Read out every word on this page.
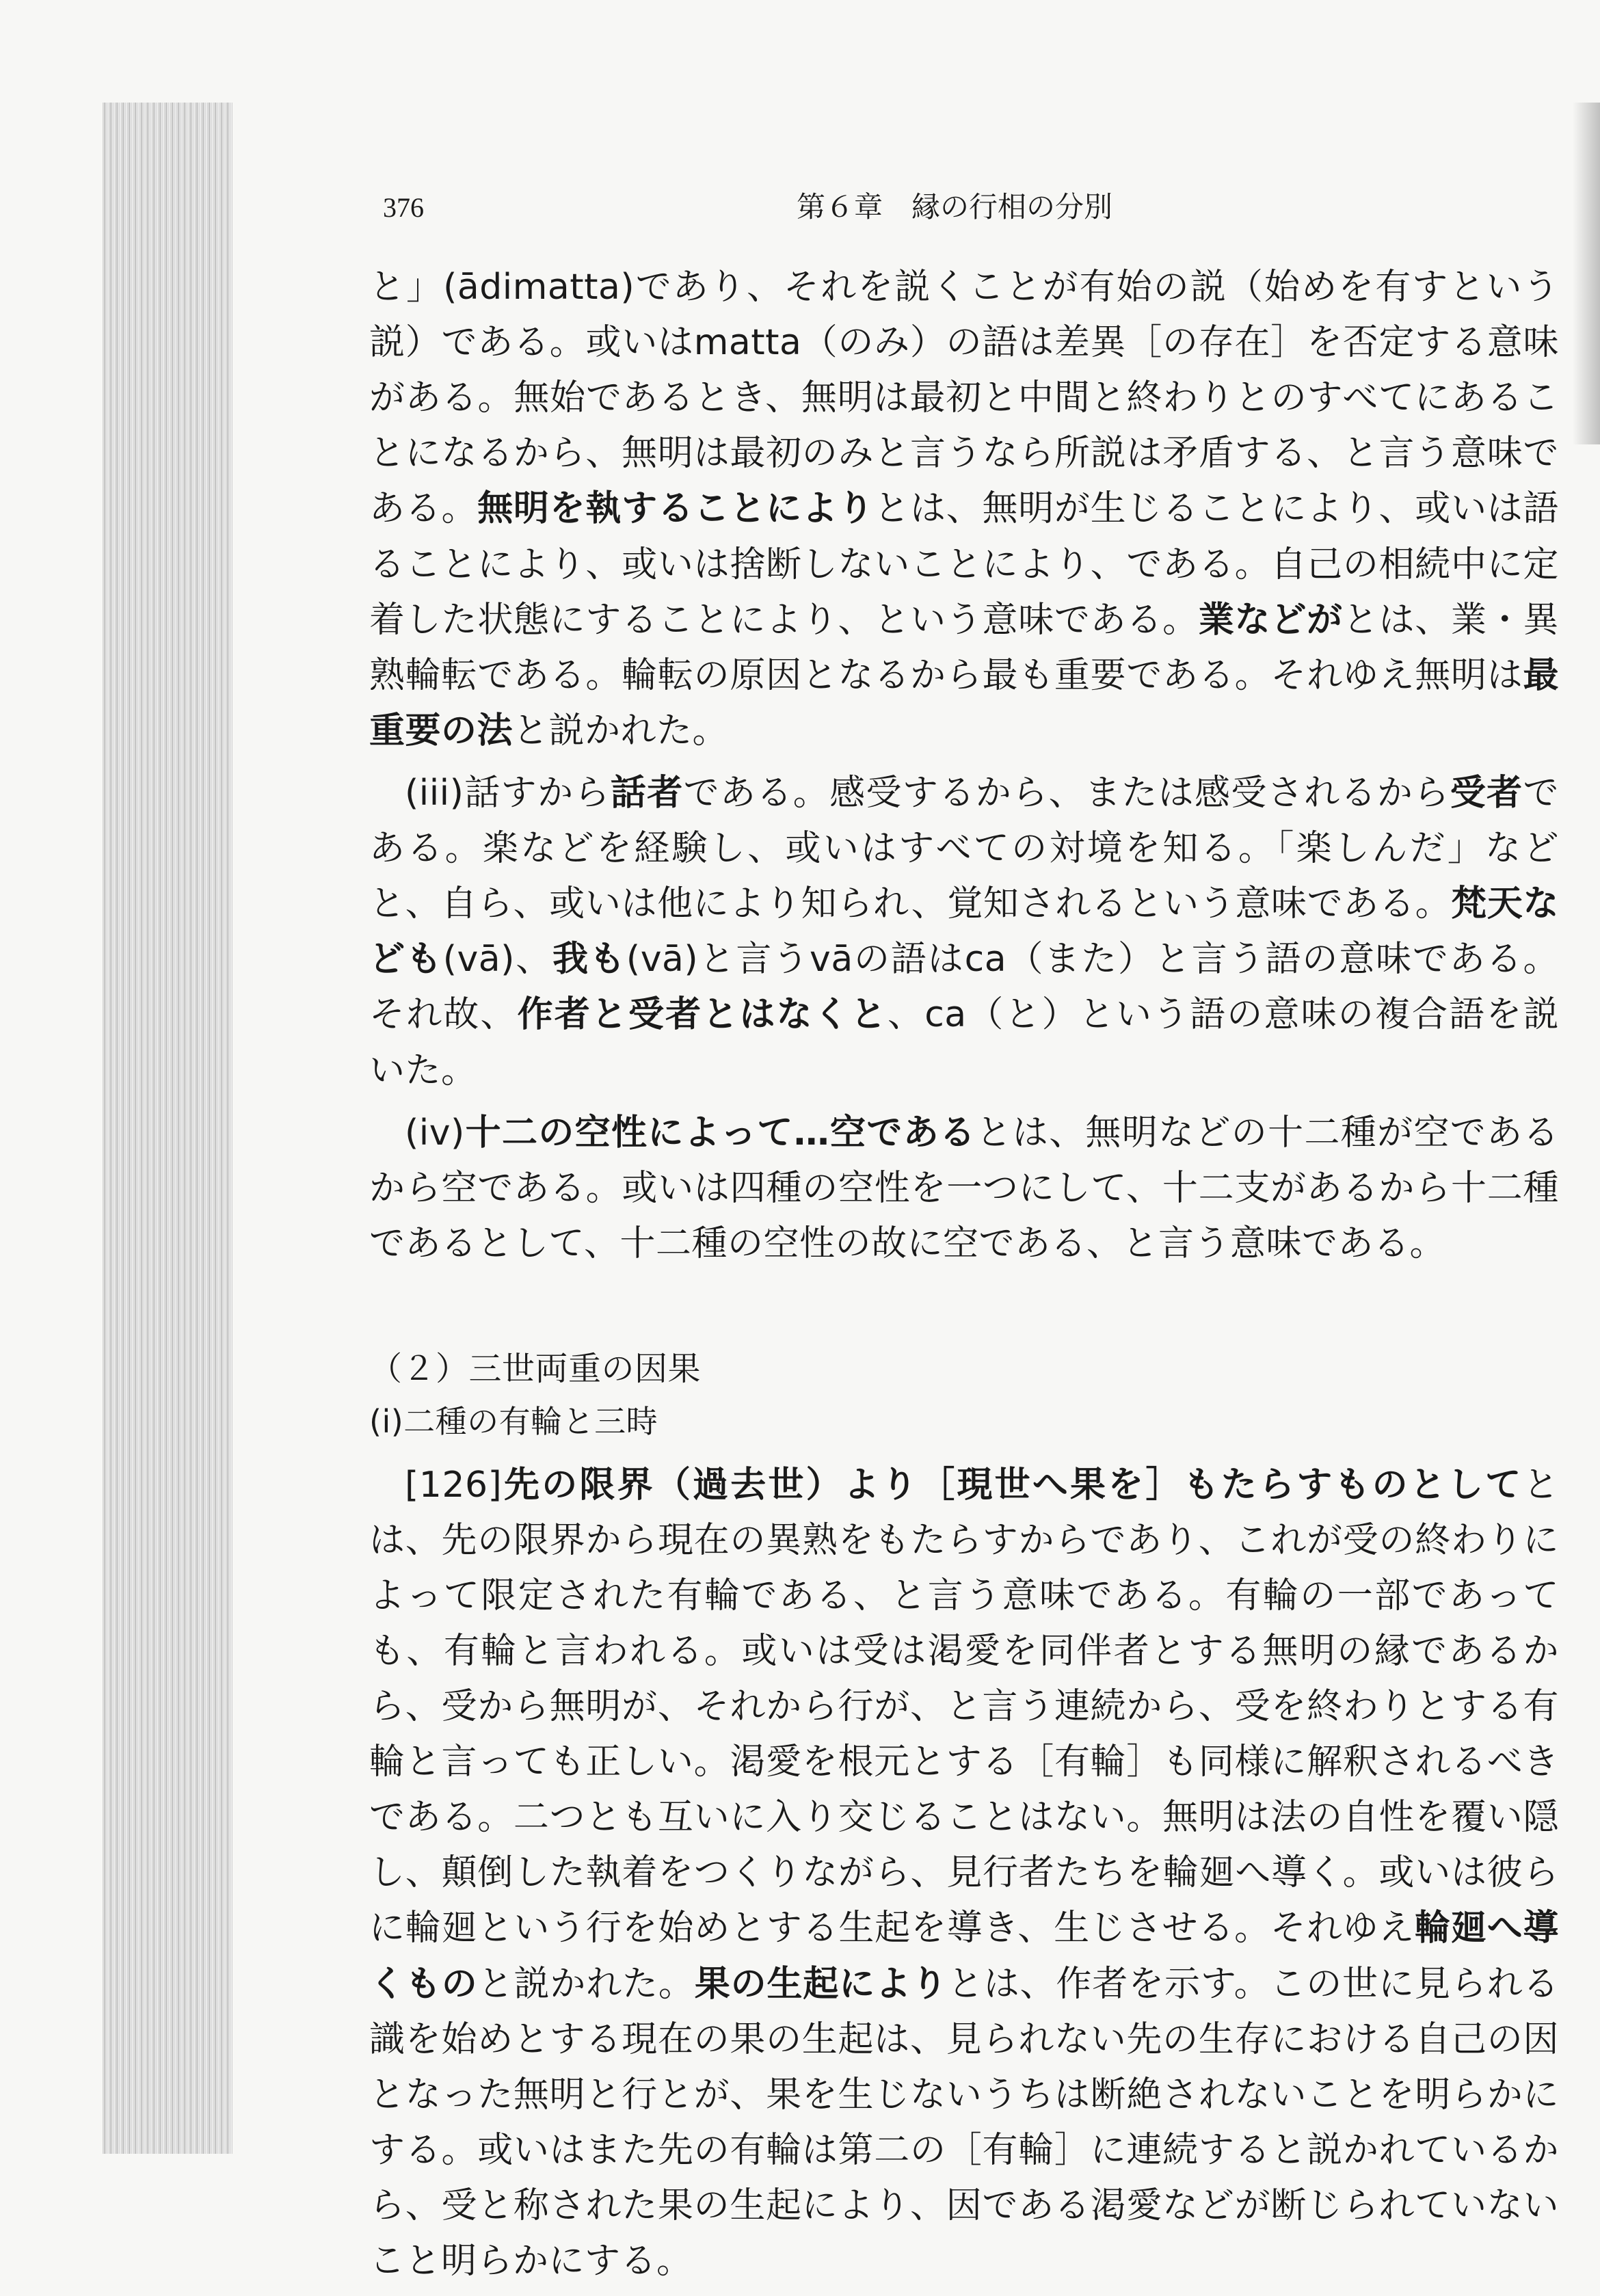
376	第６章　縁の行相の分別

と」(ādimatta)であり、それを説くことが有始の説（始めを有すという説）である。或いはmatta（のみ）の語は差異［の存在］を否定する意味がある。無始であるとき、無明は最初と中間と終わりとのすべてにあることになるから、無明は最初のみと言うなら所説は矛盾する、と言う意味である。無明を執することによりとは、無明が生じることにより、或いは語ることにより、或いは捨断しないことにより、である。自己の相続中に定着した状態にすることにより、という意味である。業などがとは、業・異熟輪転である。輪転の原因となるから最も重要である。それゆえ無明は最重要の法と説かれた。

(iii)話すから話者である。感受するから、または感受されるから受者である。楽などを経験し、或いはすべての対境を知る。「楽しんだ」などと、自ら、或いは他により知られ、覚知されるという意味である。梵天なども(vā)、我も(vā)と言うvāの語はca（また）と言う語の意味である。それ故、作者と受者とはなくと、ca（と）という語の意味の複合語を説いた。

(iv)十二の空性によって…空であるとは、無明などの十二種が空であるから空である。或いは四種の空性を一つにして、十二支があるから十二種であるとして、十二種の空性の故に空である、と言う意味である。

（２）三世両重の因果
(i)二種の有輪と三時

[126]先の限界（過去世）より［現世へ果を］もたらすものとしてとは、先の限界から現在の異熟をもたらすからであり、これが受の終わりによって限定された有輪である、と言う意味である。有輪の一部であっても、有輪と言われる。或いは受は渇愛を同伴者とする無明の縁であるから、受から無明が、それから行が、と言う連続から、受を終わりとする有輪と言っても正しい。渇愛を根元とする［有輪］も同様に解釈されるべきである。二つとも互いに入り交じることはない。無明は法の自性を覆い隠し、顛倒した執着をつくりながら、見行者たちを輪廻へ導く。或いは彼らに輪廻という行を始めとする生起を導き、生じさせる。それゆえ輪廻へ導くものと説かれた。果の生起によりとは、作者を示す。この世に見られる識を始めとする現在の果の生起は、見られない先の生存における自己の因となった無明と行とが、果を生じないうちは断絶されないことを明らかにする。或いはまた先の有輪は第二の［有輪］に連続すると説かれているから、受と称された果の生起により、因である渇愛などが断じられていないこと明らかにする。
